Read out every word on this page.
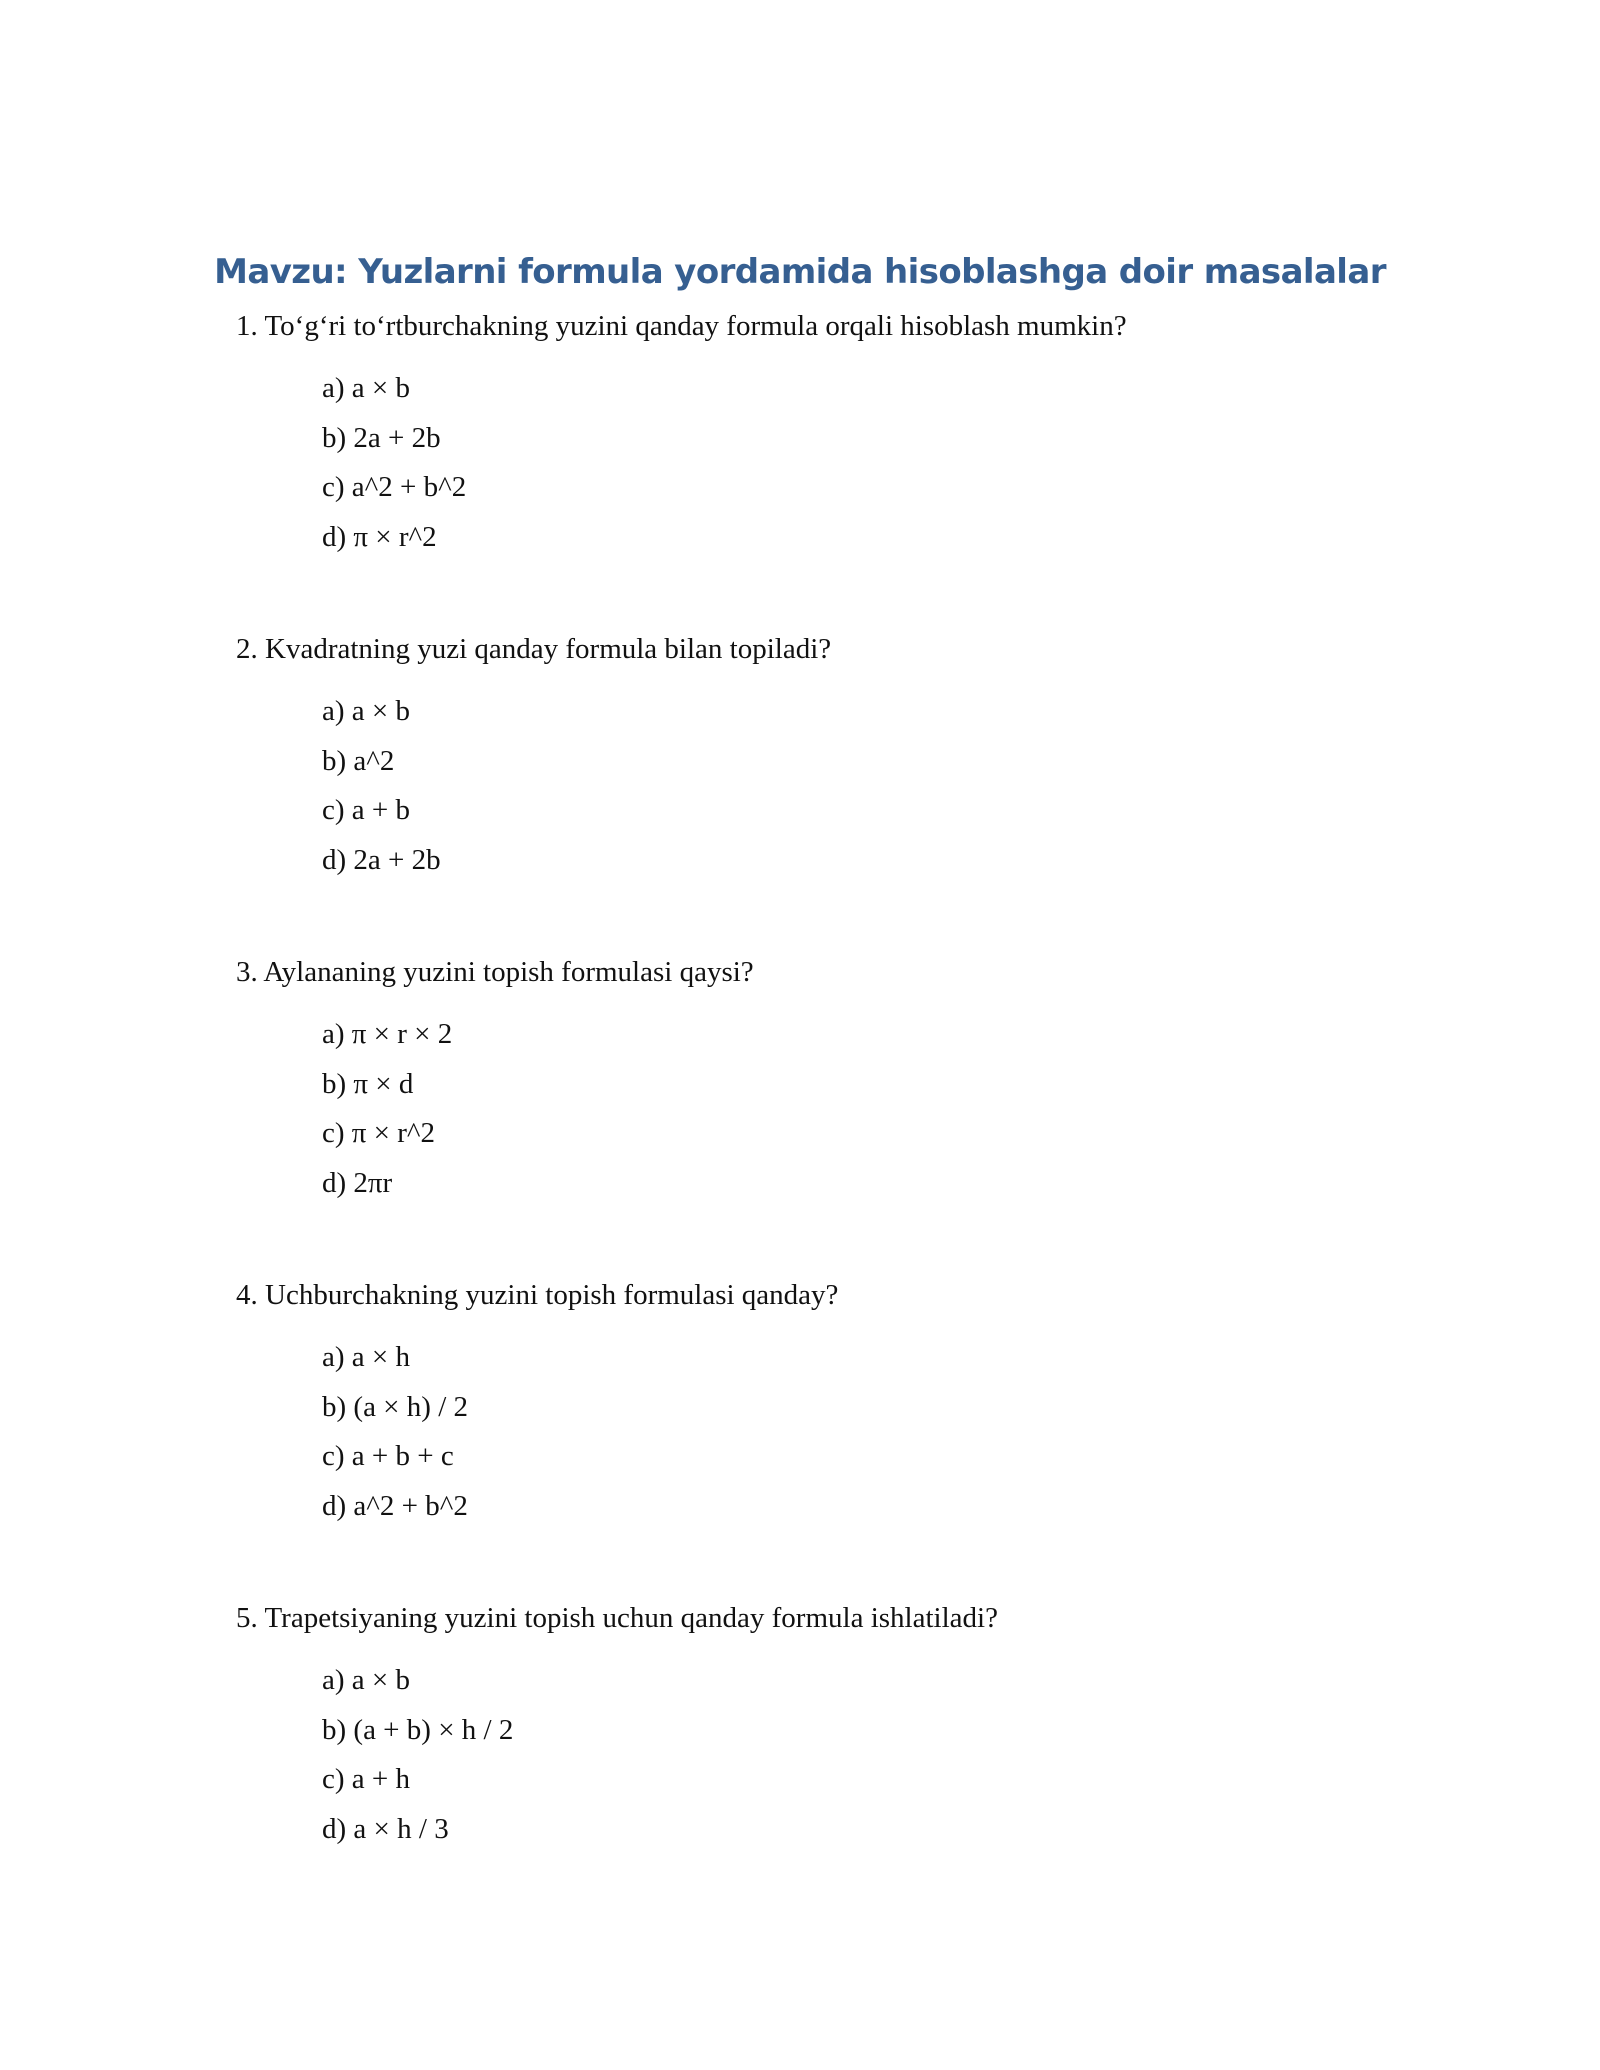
Mavzu: Yuzlarni formula yordamida hisoblashga doir masalalar

1. To‘g‘ri to‘rtburchakning yuzini qanday formula orqali hisoblash mumkin?

a) a × b
b) 2a + 2b
c) a^2 + b^2
d) π × r^2

2. Kvadratning yuzi qanday formula bilan topiladi?

a) a × b
b) a^2
c) a + b
d) 2a + 2b

3. Aylananing yuzini topish formulasi qaysi?

a) π × r × 2
b) π × d
c) π × r^2
d) 2πr

4. Uchburchakning yuzini topish formulasi qanday?

a) a × h
b) (a × h) / 2
c) a + b + c
d) a^2 + b^2

5. Trapetsiyaning yuzini topish uchun qanday formula ishlatiladi?

a) a × b
b) (a + b) × h / 2
c) a + h
d) a × h / 3
